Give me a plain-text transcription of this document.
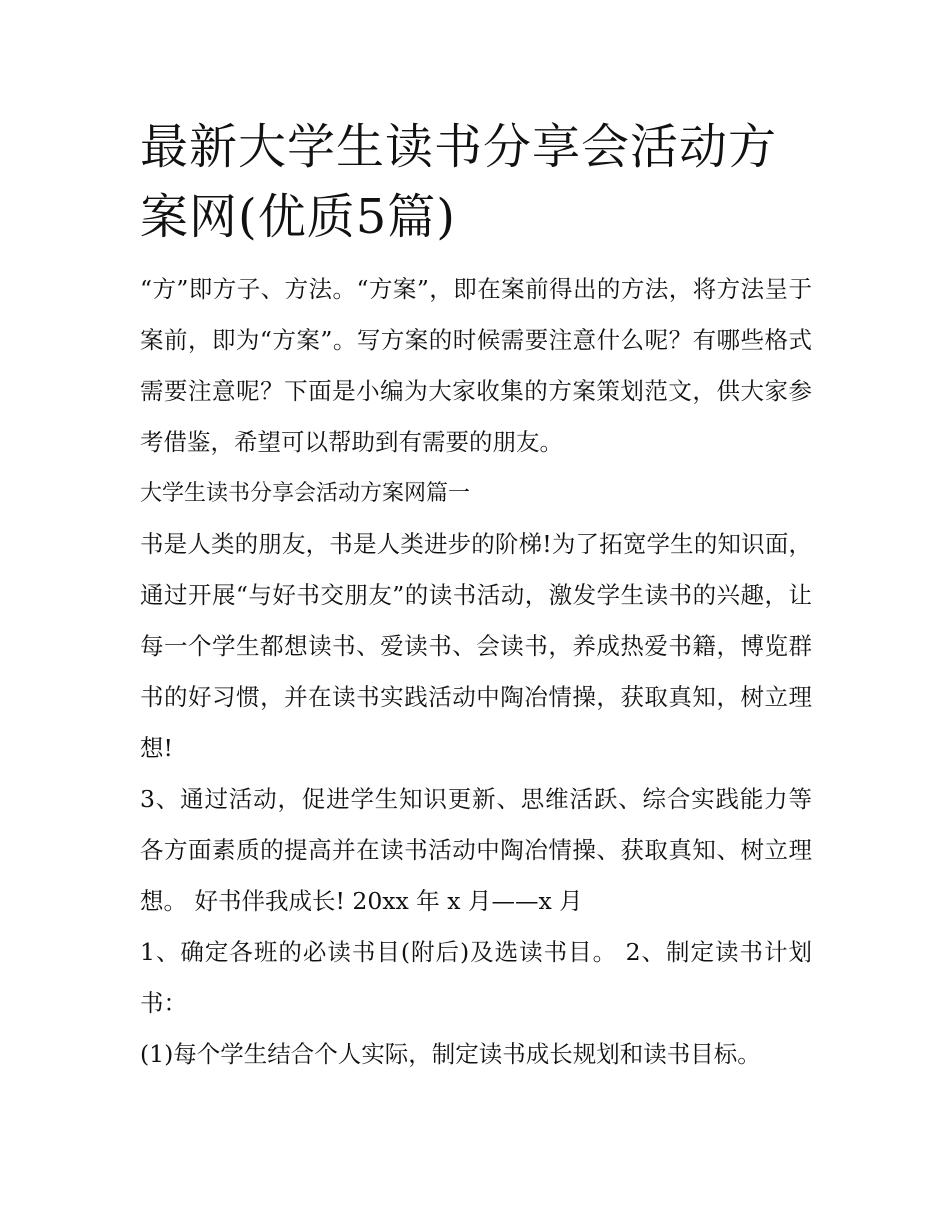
最新大学生读书分享会活动方案网(优质5篇)

“方”即方子、方法。“方案”，即在案前得出的方法，将方法呈于案前，即为“方案”。写方案的时候需要注意什么呢？有哪些格式需要注意呢？下面是小编为大家收集的方案策划范文，供大家参考借鉴，希望可以帮助到有需要的朋友。

大学生读书分享会活动方案网篇一

书是人类的朋友，书是人类进步的阶梯!为了拓宽学生的知识面，通过开展“与好书交朋友”的读书活动，激发学生读书的兴趣，让每一个学生都想读书、爱读书、会读书，养成热爱书籍，博览群书的好习惯，并在读书实践活动中陶冶情操，获取真知，树立理想!

3、通过活动，促进学生知识更新、思维活跃、综合实践能力等各方面素质的提高并在读书活动中陶冶情操、获取真知、树立理想。 好书伴我成长! 20xx 年 x 月——x 月

1、确定各班的必读书目(附后)及选读书目。 2、制定读书计划书：

(1)每个学生结合个人实际，制定读书成长规划和读书目标。
